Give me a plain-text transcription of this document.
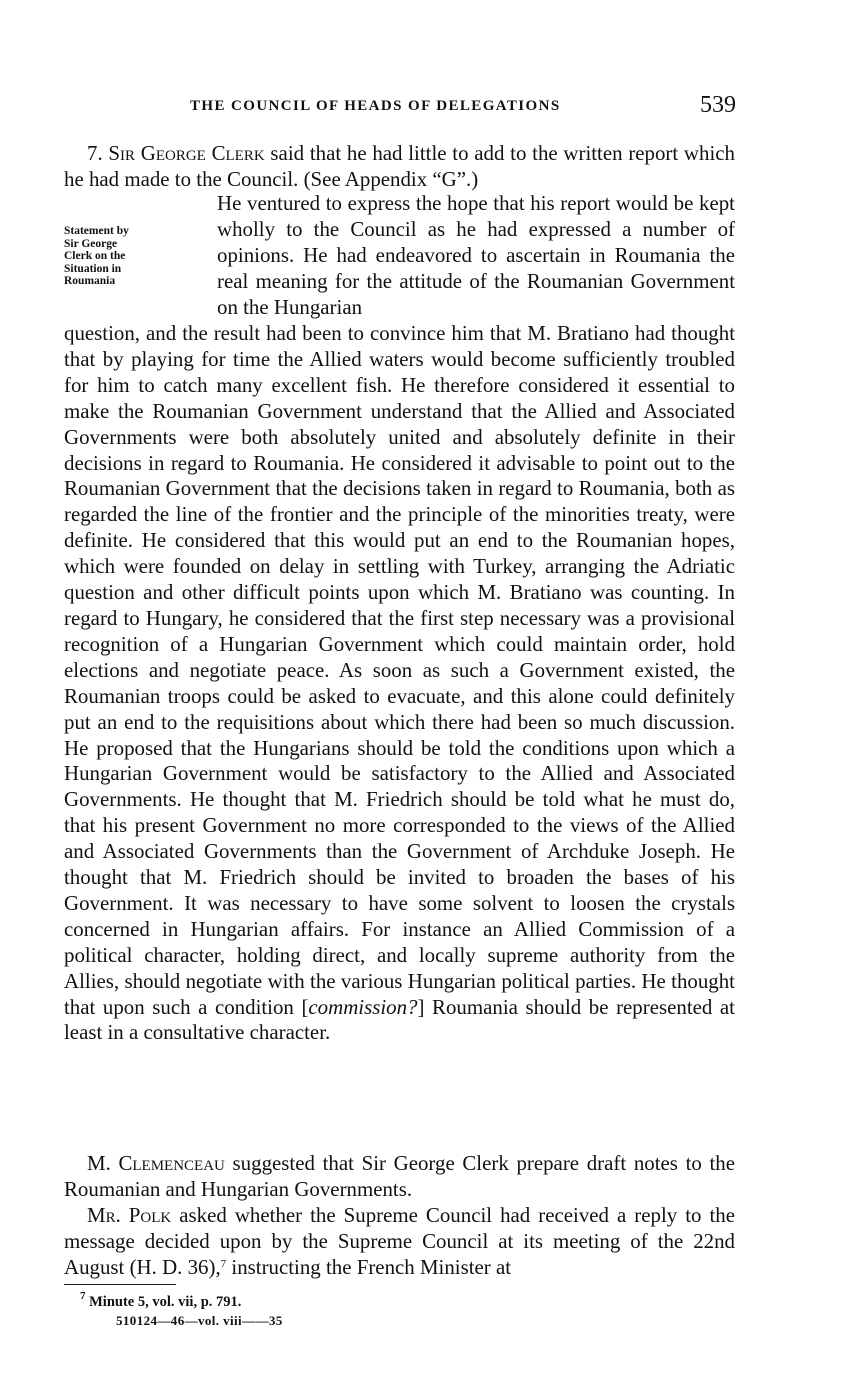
THE COUNCIL OF HEADS OF DELEGATIONS	539

7. Sir George Clerk said that he had little to add to the written report which he had made to the Council. (See Appendix “G”.)

Statement by
Sir George
Clerk on the
Situation in
Roumania

He ventured to express the hope that his report would be kept wholly to the Council as he had expressed a number of opinions. He had endeavored to ascertain in Roumania the real meaning for the attitude of the Roumanian Government on the Hungarian

question, and the result had been to convince him that M. Bratiano had thought that by playing for time the Allied waters would become sufficiently troubled for him to catch many excellent fish. He therefore considered it essential to make the Roumanian Government understand that the Allied and Associated Governments were both absolutely united and absolutely definite in their decisions in regard to Roumania. He considered it advisable to point out to the Roumanian Government that the decisions taken in regard to Roumania, both as regarded the line of the frontier and the principle of the minorities treaty, were definite. He considered that this would put an end to the Roumanian hopes, which were founded on delay in settling with Turkey, arranging the Adriatic question and other difficult points upon which M. Bratiano was counting. In regard to Hungary, he considered that the first step necessary was a provisional recognition of a Hungarian Government which could maintain order, hold elections and negotiate peace. As soon as such a Government existed, the Roumanian troops could be asked to evacuate, and this alone could definitely put an end to the requisitions about which there had been so much discussion. He proposed that the Hungarians should be told the conditions upon which a Hungarian Government would be satisfactory to the Allied and Associated Governments. He thought that M. Friedrich should be told what he must do, that his present Government no more corresponded to the views of the Allied and Associated Governments than the Government of Archduke Joseph. He thought that M. Friedrich should be invited to broaden the bases of his Government. It was necessary to have some solvent to loosen the crystals concerned in Hungarian affairs. For instance an Allied Commission of a political character, holding direct, and locally supreme authority from the Allies, should negotiate with the various Hungarian political parties. He thought that upon such a condition [commission?] Roumania should be represented at least in a consultative character.

M. Clemenceau suggested that Sir George Clerk prepare draft notes to the Roumanian and Hungarian Governments.

Mr. Polk asked whether the Supreme Council had received a reply to the message decided upon by the Supreme Council at its meeting of the 22nd August (H. D. 36),$^7$ instructing the French Minister at

$^7$ Minute 5, vol. vii, p. 791.
510124—46—vol. viii——35
